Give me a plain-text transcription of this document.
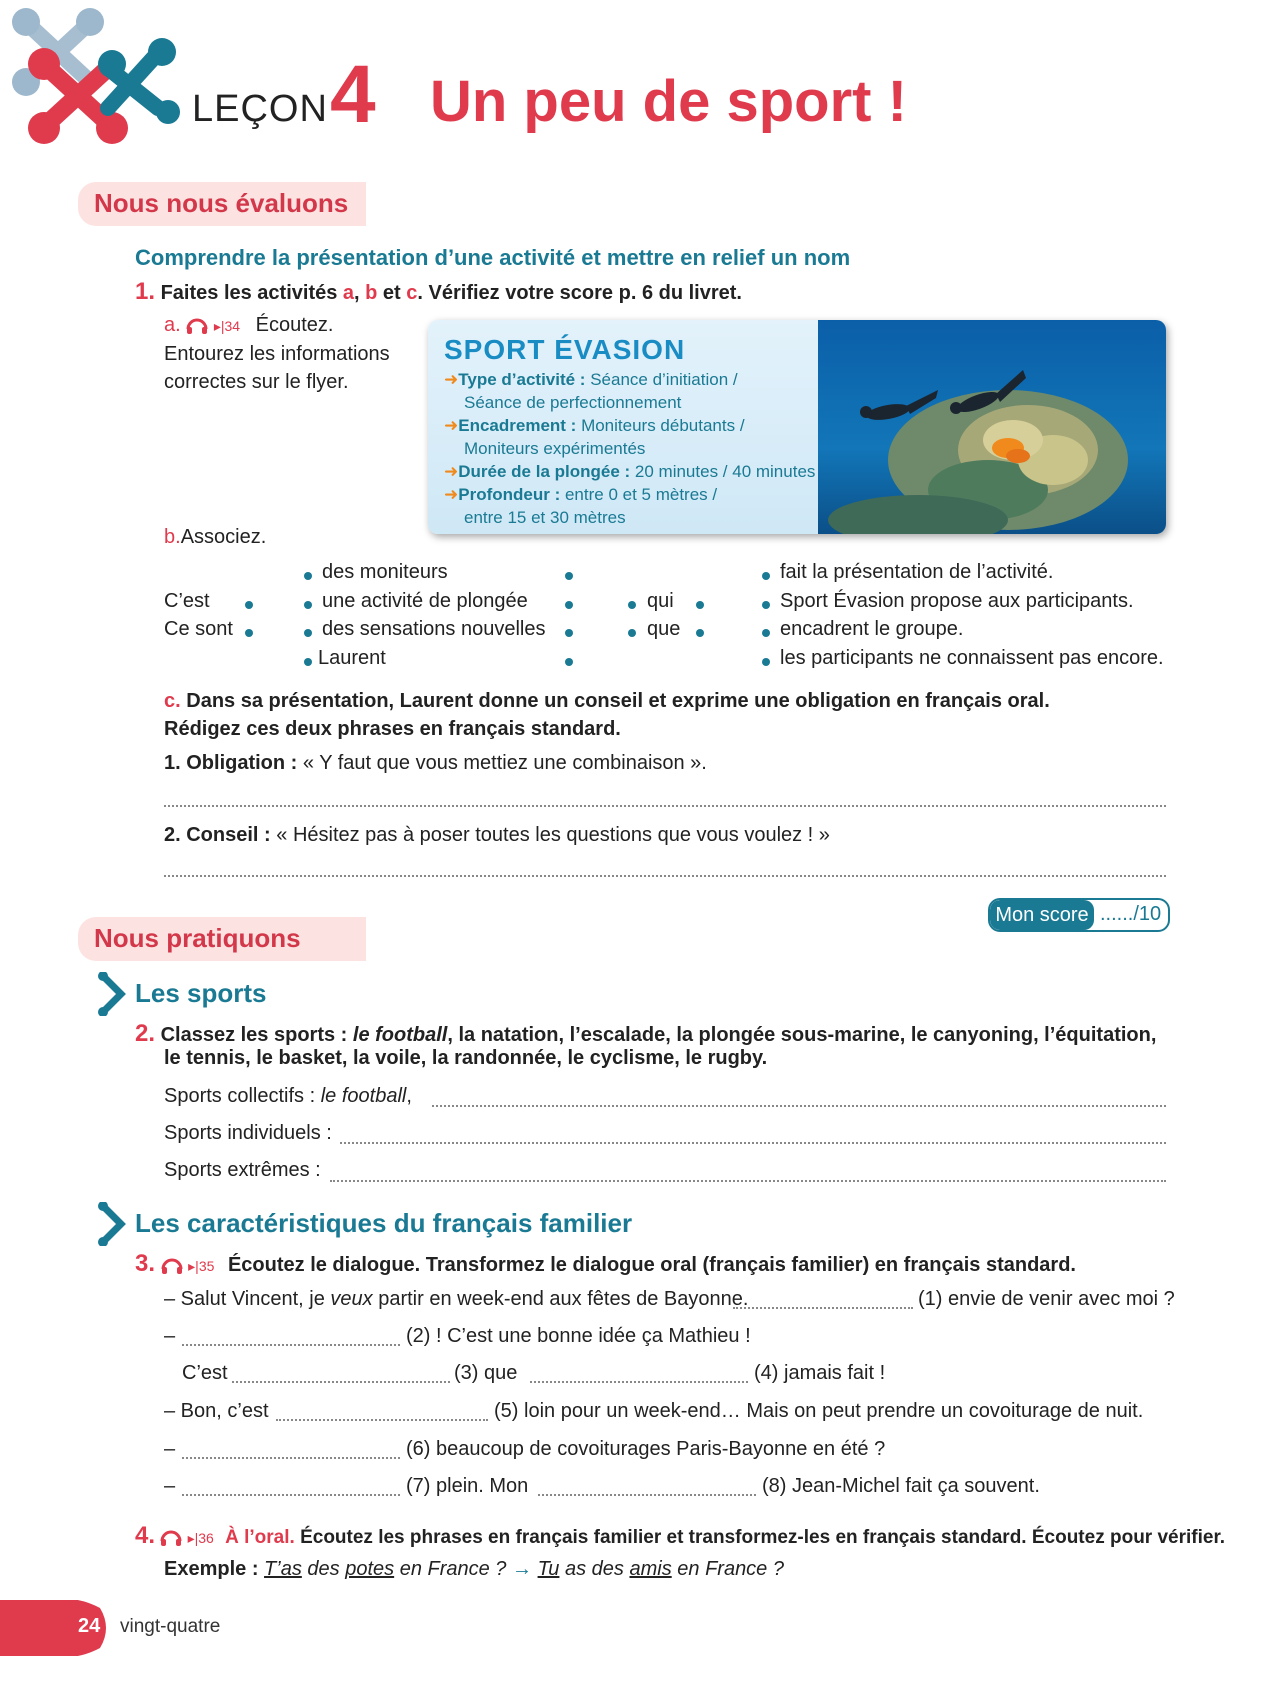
LEÇON 4 Un peu de sport !
Nous nous évaluons
Comprendre la présentation d’une activité et mettre en relief un nom
1. Faites les activités a, b et c. Vérifiez votre score p. 6 du livret.
a. ▸|34 Écoutez.
Entourez les informations
correctes sur le flyer.
SPORT ÉVASION
➜Type d’activité : Séance d’initiation /
Séance de perfectionnement
➜Encadrement : Moniteurs débutants /
Moniteurs expérimentés
➜Durée de la plongée : 20 minutes / 40 minutes
➜Profondeur : entre 0 et 5 mètres /
entre 15 et 30 mètres
b.Associez.
C’est
Ce sont
des moniteurs
une activité de plongée
des sensations nouvelles
Laurent
qui
que
fait la présentation de l’activité.
Sport Évasion propose aux participants.
encadrent le groupe.
les participants ne connaissent pas encore.
c. Dans sa présentation, Laurent donne un conseil et exprime une obligation en français oral.
Rédigez ces deux phrases en français standard.
1. Obligation : « Y faut que vous mettiez une combinaison ».
2. Conseil : « Hésitez pas à poser toutes les questions que vous voulez ! »
Mon score ....../10
Nous pratiquons
Les sports
2. Classez les sports : le football, la natation, l’escalade, la plongée sous-marine, le canyoning, l’équitation,
le tennis, le basket, la voile, la randonnée, le cyclisme, le rugby.
Sports collectifs : le football,
Sports individuels :
Sports extrêmes :
Les caractéristiques du français familier
3. ▸|35 Écoutez le dialogue. Transformez le dialogue oral (français familier) en français standard.
– Salut Vincent, je veux partir en week-end aux fêtes de Bayonne.	(1) envie de venir avec moi ?
–	(2) ! C’est une bonne idée ça Mathieu !
C’est	(3) que	(4) jamais fait !
– Bon, c’est	(5) loin pour un week-end… Mais on peut prendre un covoiturage de nuit.
–	(6) beaucoup de covoiturages Paris-Bayonne en été ?
–	(7) plein. Mon	(8) Jean-Michel fait ça souvent.
4. ▸|36 À l’oral. Écoutez les phrases en français familier et transformez-les en français standard. Écoutez pour vérifier.
Exemple : T’as des potes en France ? → Tu as des amis en France ?
24 vingt-quatre
